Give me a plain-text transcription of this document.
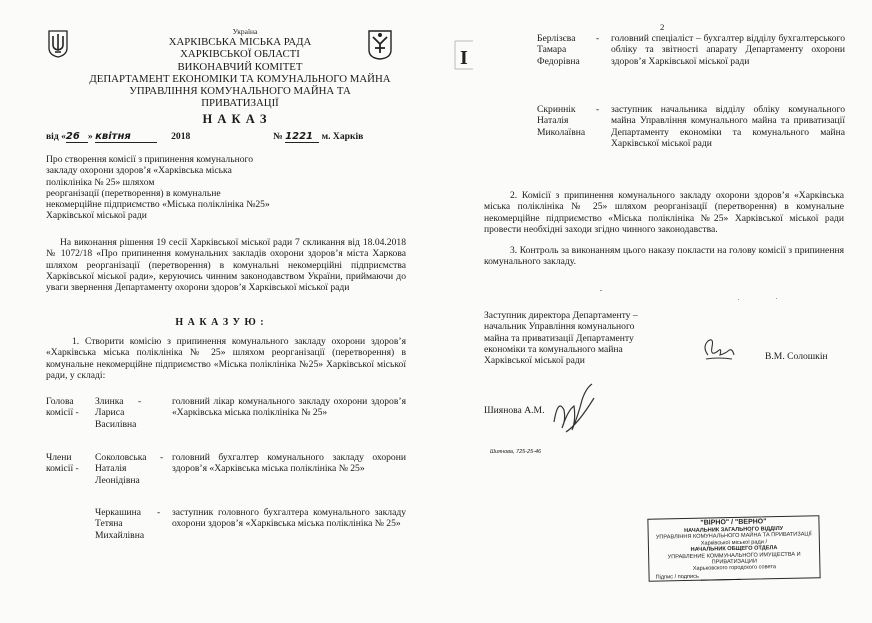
Україна
ХАРКІВСЬКА МІСЬКА РАДА
ХАРКІВСЬКОЇ ОБЛАСТІ
ВИКОНАВЧИЙ КОМІТЕТ
ДЕПАРТАМЕНТ ЕКОНОМІКИ ТА КОМУНАЛЬНОГО МАЙНА
УПРАВЛІННЯ КОМУНАЛЬНОГО МАЙНА ТА
ПРИВАТИЗАЦІЇ
Н А К А З
від «26 » квітня	2018	№ 1221 м. Харків
Про створення комісії з припинення комунального
закладу охорони здоров’я «Харківська міська
поліклініка № 25» шляхом
реорганізації (перетворення) в комунальне
некомерційне підприємство «Міська поліклініка №25»
Харківської міської ради
На виконання рішення 19 сесії Харківської міської ради 7 скликання від 18.04.2018 № 1072/18 «Про припинення комунальних закладів охорони здоров’я міста Харкова шляхом реорганізації (перетворення) в комунальні некомерційні підприємства Харківської міської ради», керуючись чинним законодавством України, приймаючи до уваги звернення Департаменту охорони здоров’я Харківської міської ради
Н А К А З У Ю :
1. Створити комісію з припинення комунального закладу охорони здоров’я «Харківська міська поліклініка № 25» шляхом реорганізації (перетворення) в комунальне некомерційне підприємство «Міська поліклініка №25» Харківської міської ради, у складі:
Голова комісії -
Злинка Лариса Василівна
-	головний лікар комунального закладу охорони здоров’я «Харківська міська поліклініка № 25»
Члени комісії -
Соколовська Наталія Леонідівна
- головний бухгалтер комунального закладу охорони здоров’я «Харківська міська поліклініка № 25»
Черкашина Тетяна Михайлівна
-	заступник головного бухгалтера комунального закладу охорони здоров’я «Харківська міська поліклініка № 25»
2
I
Берлізєва Тамара Федорівна
-	головний спеціаліст – бухгалтер відділу бухгалтерського обліку та звітності апарату Департаменту охорони здоров’я Харківської міської ради
Скриннік Наталія Миколаївна
-	заступник начальника відділу обліку комунального майна Управління комунального майна та приватизації Департаменту економіки та комунального майна Харківської міської ради
2. Комісії з припинення комунального закладу охорони здоров’я «Харківська міська поліклініка № 25» шляхом реорганізації (перетворення) в комунальне некомерційне підприємство «Міська поліклініка №25» Харківської міської ради провести необхідні заходи згідно чинного законодавства.
3. Контроль за виконанням цього наказу покласти на голову комісії з припинення комунального закладу.
Заступник директора Департаменту –
начальник Управління комунального
майна та приватизації Департаменту
економіки та комунального майна
Харківської міської ради	В.М. Солошкін
Шиянова А.М.
Шиянова, 725-25-46
"ВІРНО" / "ВЕРНО"
НАЧАЛЬНИК ЗАГАЛЬНОГО ВІДДІЛУ
УПРАВЛІННЯ КОМУНАЛЬНОГО МАЙНА ТА ПРИВАТИЗАЦІЇ
Харківської міської ради /
НАЧАЛЬНИК ОБЩЕГО ОТДЕЛА
УПРАВЛЕНИЕ КОММУНАЛЬНОГО ИМУЩЕСТВА И ПРИВАТИЗАЦИИ
Харьковского городского совета
Підпис / подпись
